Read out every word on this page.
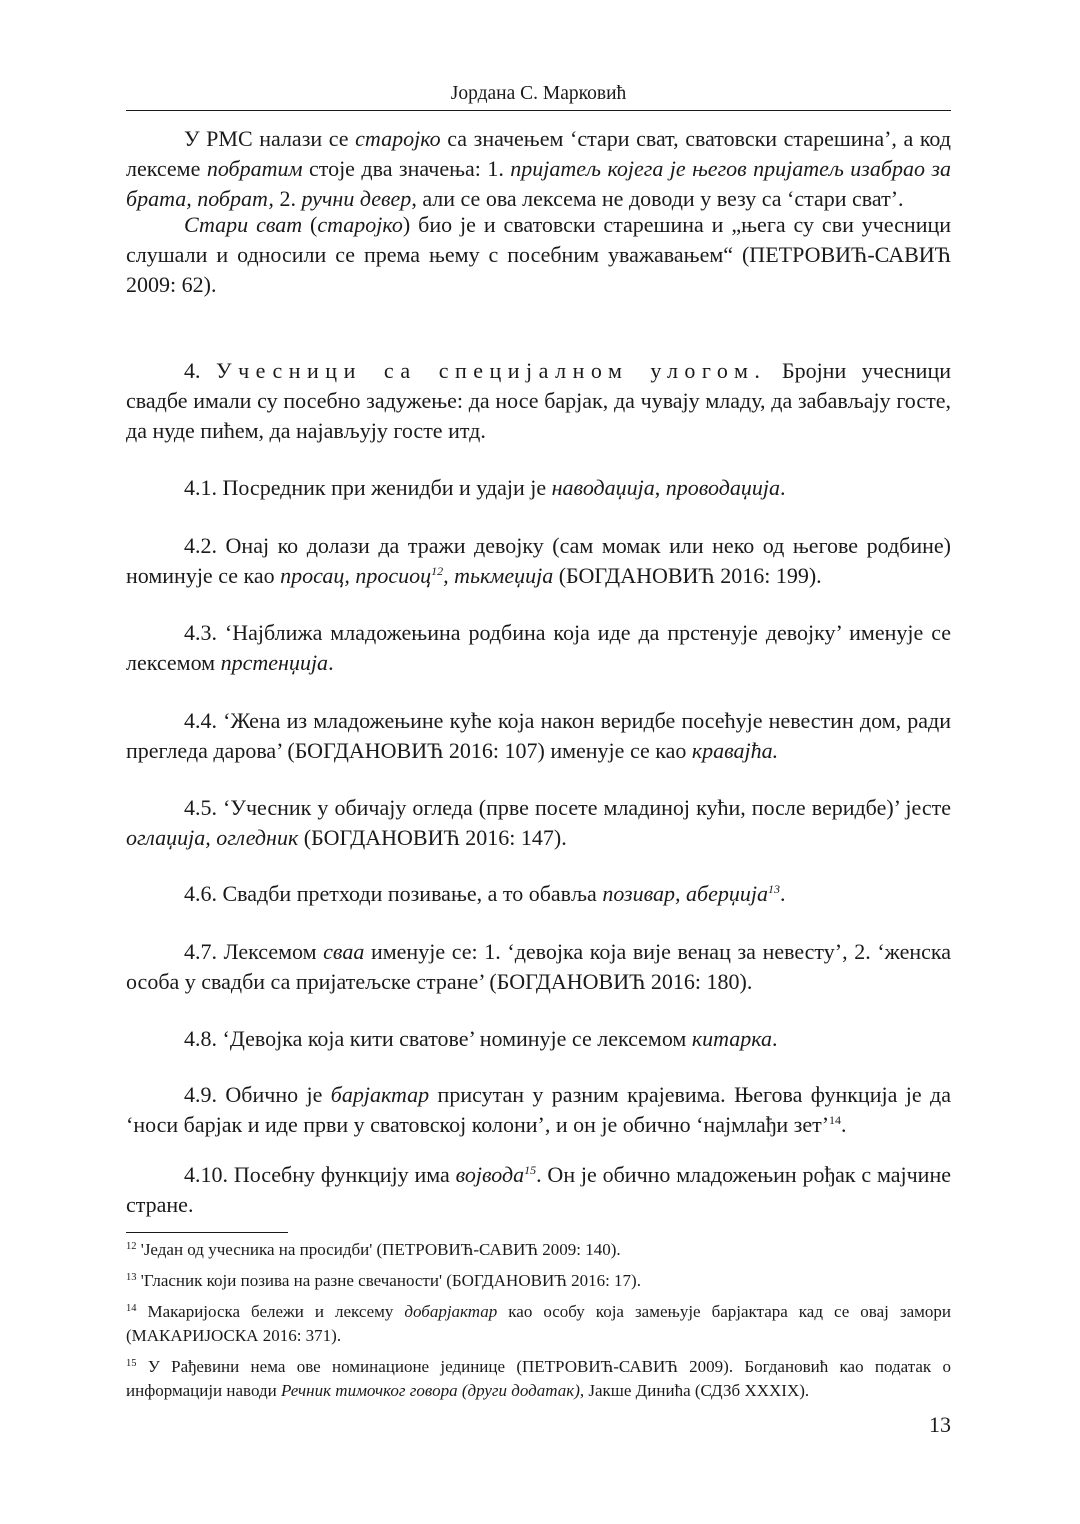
Јордана С. Марковић

У РМС налази се старојко са значењем ‘стари сват, сватовски старешина’, а код лексеме побратим стоје два значења: 1. пријатељ којега је његов пријатељ изабрао за брата, побрат, 2. ручни девер, али се ова лексема не доводи у везу са ‘стари сват’.

Стари сват (старојко) био је и сватовски старешина и „њега су сви учесници слушали и односили се према њему с посебним уважавањем“ (ПЕТРОВИЋ-САВИЋ 2009: 62).

4. Учесници са специјалном улогом. Бројни учесници свадбе имали су посебно задужење: да носе барјак, да чувају младу, да забављају госте, да нуде пићем, да најављују госте итд.

4.1. Посредник при женидби и удаји је наводаџија, проводаџија.

4.2. Онај ко долази да тражи девојку (сам момак или неко од његове родбине) номинује се као просац, просиоц$^{12}$, тькмеџија (БОГДАНОВИЋ 2016: 199).

4.3. ‘Најближа младожењина родбина која иде да прстенује девојку’ именује се лексемом прстенџија.

4.4. ‘Жена из младожењине куће која након веридбе посећује невестин дом, ради прегледа дарова’ (БОГДАНОВИЋ 2016: 107) именује се као краваjћа.

4.5. ‘Учесник у обичају огледа (прве посете младиној кући, после веридбе)’ јесте оглаџија, огледник (БОГДАНОВИЋ 2016: 147).

4.6. Свадби претходи позивање, а то обавља позивар, аберџија$^{13}$.

4.7. Лексемом сваа именује се: 1. ‘девојка која вије венац за невесту’, 2. ‘женска особа у свадби са пријатељске стране’ (БОГДАНОВИЋ 2016: 180).

4.8. ‘Девојка која кити сватове’ номинује се лексемом китарка.

4.9. Обично је барјактар присутан у разним крајевима. Његова функција је да ‘носи барјак и иде први у сватовској колони’, и он је обично ‘најмлађи зет’$^{14}$.

4.10. Посебну функцију има војвода$^{15}$. Он је обично младожењин рођак с мајчине стране.

$^{12}$ 'Један од учесника на просидби' (ПЕТРОВИЋ-САВИЋ 2009: 140).

$^{13}$ 'Гласник који позива на разне свечаности' (БОГДАНОВИЋ 2016: 17).

$^{14}$ Макаријоска бележи и лексему добарјактар као особу која замењује барјактара кад се овај замори (МАКАРИЈОСКА 2016: 371).

$^{15}$ У Рађевини нема ове номинационе јединице (ПЕТРОВИЋ-САВИЋ 2009). Богдановић као податак о информацији наводи Речник тимочког говора (други додатак), Јакше Динића (СДЗб XXXIX).

13
